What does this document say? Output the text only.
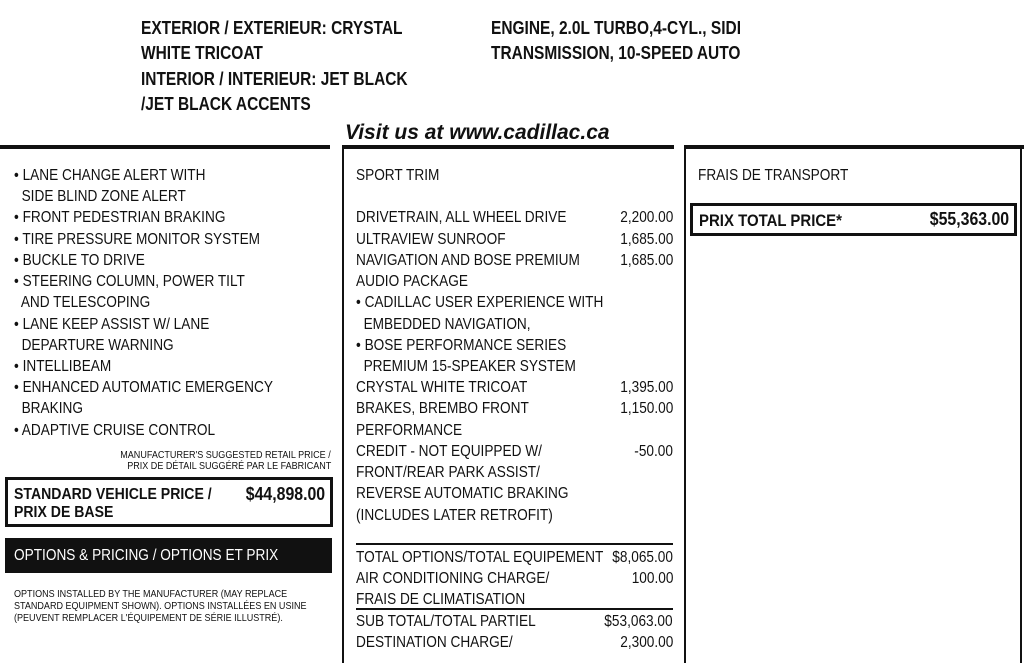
EXTERIOR / EXTERIEUR: CRYSTAL
WHITE TRICOAT
INTERIOR / INTERIEUR: JET BLACK
/JET BLACK ACCENTS
ENGINE, 2.0L TURBO,4-CYL., SIDI
TRANSMISSION, 10-SPEED AUTO
Visit us at www.cadillac.ca
• LANE CHANGE ALERT WITH
SIDE BLIND ZONE ALERT
• FRONT PEDESTRIAN BRAKING
• TIRE PRESSURE MONITOR SYSTEM
• BUCKLE TO DRIVE
• STEERING COLUMN, POWER TILT
AND TELESCOPING
• LANE KEEP ASSIST W/ LANE
DEPARTURE WARNING
• INTELLIBEAM
• ENHANCED AUTOMATIC EMERGENCY
BRAKING
• ADAPTIVE CRUISE CONTROL
MANUFACTURER'S SUGGESTED RETAIL PRICE /
PRIX DE DÉTAIL SUGGÉRÉ PAR LE FABRICANT
STANDARD VEHICLE PRICE /
PRIX DE BASE
$44,898.00
OPTIONS & PRICING / OPTIONS ET PRIX
OPTIONS INSTALLED BY THE MANUFACTURER (MAY REPLACE
STANDARD EQUIPMENT SHOWN). OPTIONS INSTALLÉES EN USINE
(PEUVENT REMPLACER L'ÉQUIPEMENT DE SÉRIE ILLUSTRÉ).
SPORT TRIM
DRIVETRAIN, ALL WHEEL DRIVE	2,200.00
ULTRAVIEW SUNROOF	1,685.00
NAVIGATION AND BOSE PREMIUM	1,685.00
AUDIO PACKAGE
• CADILLAC USER EXPERIENCE WITH
EMBEDDED NAVIGATION,
• BOSE PERFORMANCE SERIES
PREMIUM 15-SPEAKER SYSTEM
CRYSTAL WHITE TRICOAT	1,395.00
BRAKES, BREMBO FRONT	1,150.00
PERFORMANCE
CREDIT - NOT EQUIPPED W/	-50.00
FRONT/REAR PARK ASSIST/
REVERSE AUTOMATIC BRAKING
(INCLUDES LATER RETROFIT)
TOTAL OPTIONS/TOTAL EQUIPEMENT $8,065.00
AIR CONDITIONING CHARGE/	100.00
FRAIS DE CLIMATISATION
SUB TOTAL/TOTAL PARTIEL	$53,063.00
DESTINATION CHARGE/	2,300.00
FRAIS DE TRANSPORT
PRIX TOTAL PRICE*	$55,363.00
